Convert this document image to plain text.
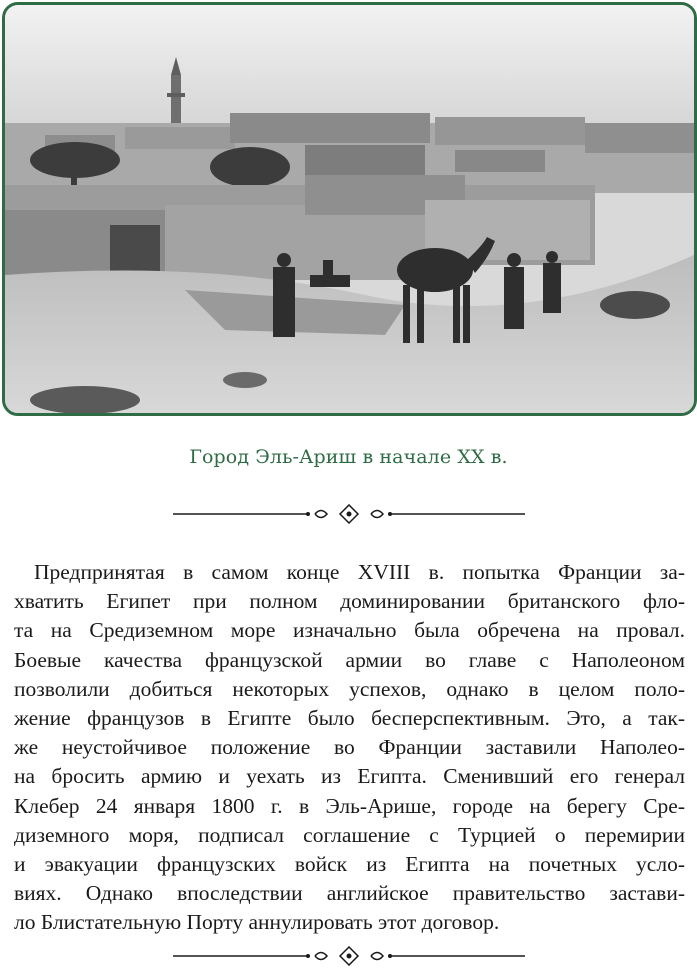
Город Эль-Ариш в начале XX в.
Предпринятая в самом конце XVIII в. попытка Франции за-
хватить Египет при полном доминировании британского фло-
та на Средиземном море изначально была обречена на провал.
Боевые качества французской армии во главе с Наполеоном
позволили добиться некоторых успехов, однако в целом поло-
жение французов в Египте было бесперспективным. Это, а так-
же неустойчивое положение во Франции заставили Наполео-
на бросить армию и уехать из Египта. Сменивший его генерал
Клебер 24 января 1800 г. в Эль-Арише, городе на берегу Сре-
диземного моря, подписал соглашение с Турцией о перемирии
и эвакуации французских войск из Египта на почетных усло-
виях. Однако впоследствии английское правительство застави-
ло Блистательную Порту аннулировать этот договор.
